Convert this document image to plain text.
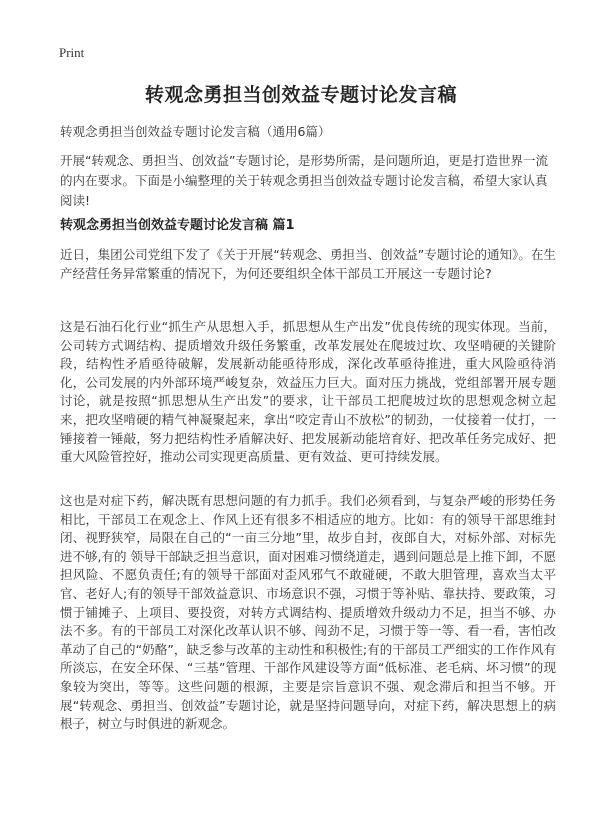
Print
转观念勇担当创效益专题讨论发言稿
转观念勇担当创效益专题讨论发言稿（通用6篇）
开展“转观念、勇担当、创效益”专题讨论，是形势所需，是问题所迫，更是打造世界一流的内在要求。下面是小编整理的关于转观念勇担当创效益专题讨论发言稿，希望大家认真阅读!
转观念勇担当创效益专题讨论发言稿 篇1
近日，集团公司党组下发了《关于开展“转观念、勇担当、创效益”专题讨论的通知》。在生产经营任务异常繁重的情况下，为何还要组织全体干部员工开展这一专题讨论?
这是石油石化行业“抓生产从思想入手，抓思想从生产出发”优良传统的现实体现。当前，公司转方式调结构、提质增效升级任务繁重，改革发展处在爬坡过坎、攻坚啃硬的关键阶段，结构性矛盾亟待破解，发展新动能亟待形成，深化改革亟待推进，重大风险亟待消化，公司发展的内外部环境严峻复杂，效益压力巨大。面对压力挑战，党组部署开展专题讨论，就是按照“抓思想从生产出发”的要求，让干部员工把爬坡过坎的思想观念树立起来，把攻坚啃硬的精气神凝聚起来，拿出“咬定青山不放松”的韧劲，一仗接着一仗打，一锤接着一锤敲，努力把结构性矛盾解决好、把发展新动能培育好、把改革任务完成好、把重大风险管控好，推动公司实现更高质量、更有效益、更可持续发展。
这也是对症下药，解决既有思想问题的有力抓手。我们必须看到，与复杂严峻的形势任务相比，干部员工在观念上、作风上还有很多不相适应的地方。比如：有的领导干部思维封闭、视野狭窄，局限在自己的“一亩三分地”里，故步自封，夜郎自大，对标外部、对标先进不够,有的 领导干部缺乏担当意识，面对困难习惯绕道走，遇到问题总是上推下卸，不愿担风险、不愿负责任;有的领导干部面对歪风邪气不敢碰硬，不敢大胆管理，喜欢当太平官、老好人;有的领导干部效益意识、市场意识不强，习惯于等补贴、靠扶持、要政策，习惯于铺摊子、上项目、要投资，对转方式调结构、提质增效升级动力不足，担当不够、办法不多。有的干部员工对深化改革认识不够、闯劲不足，习惯于等一等、看一看，害怕改革动了自己的“奶酪”，缺乏参与改革的主动性和积极性;有的干部员工严细实的工作作风有所淡忘，在安全环保、“三基”管理、干部作风建设等方面“低标准、老毛病、坏习惯”的现象较为突出，等等。这些问题的根源，主要是宗旨意识不强、观念滞后和担当不够。开展“转观念、勇担当、创效益”专题讨论，就是坚持问题导向，对症下药，解决思想上的病根子，树立与时俱进的新观念。
